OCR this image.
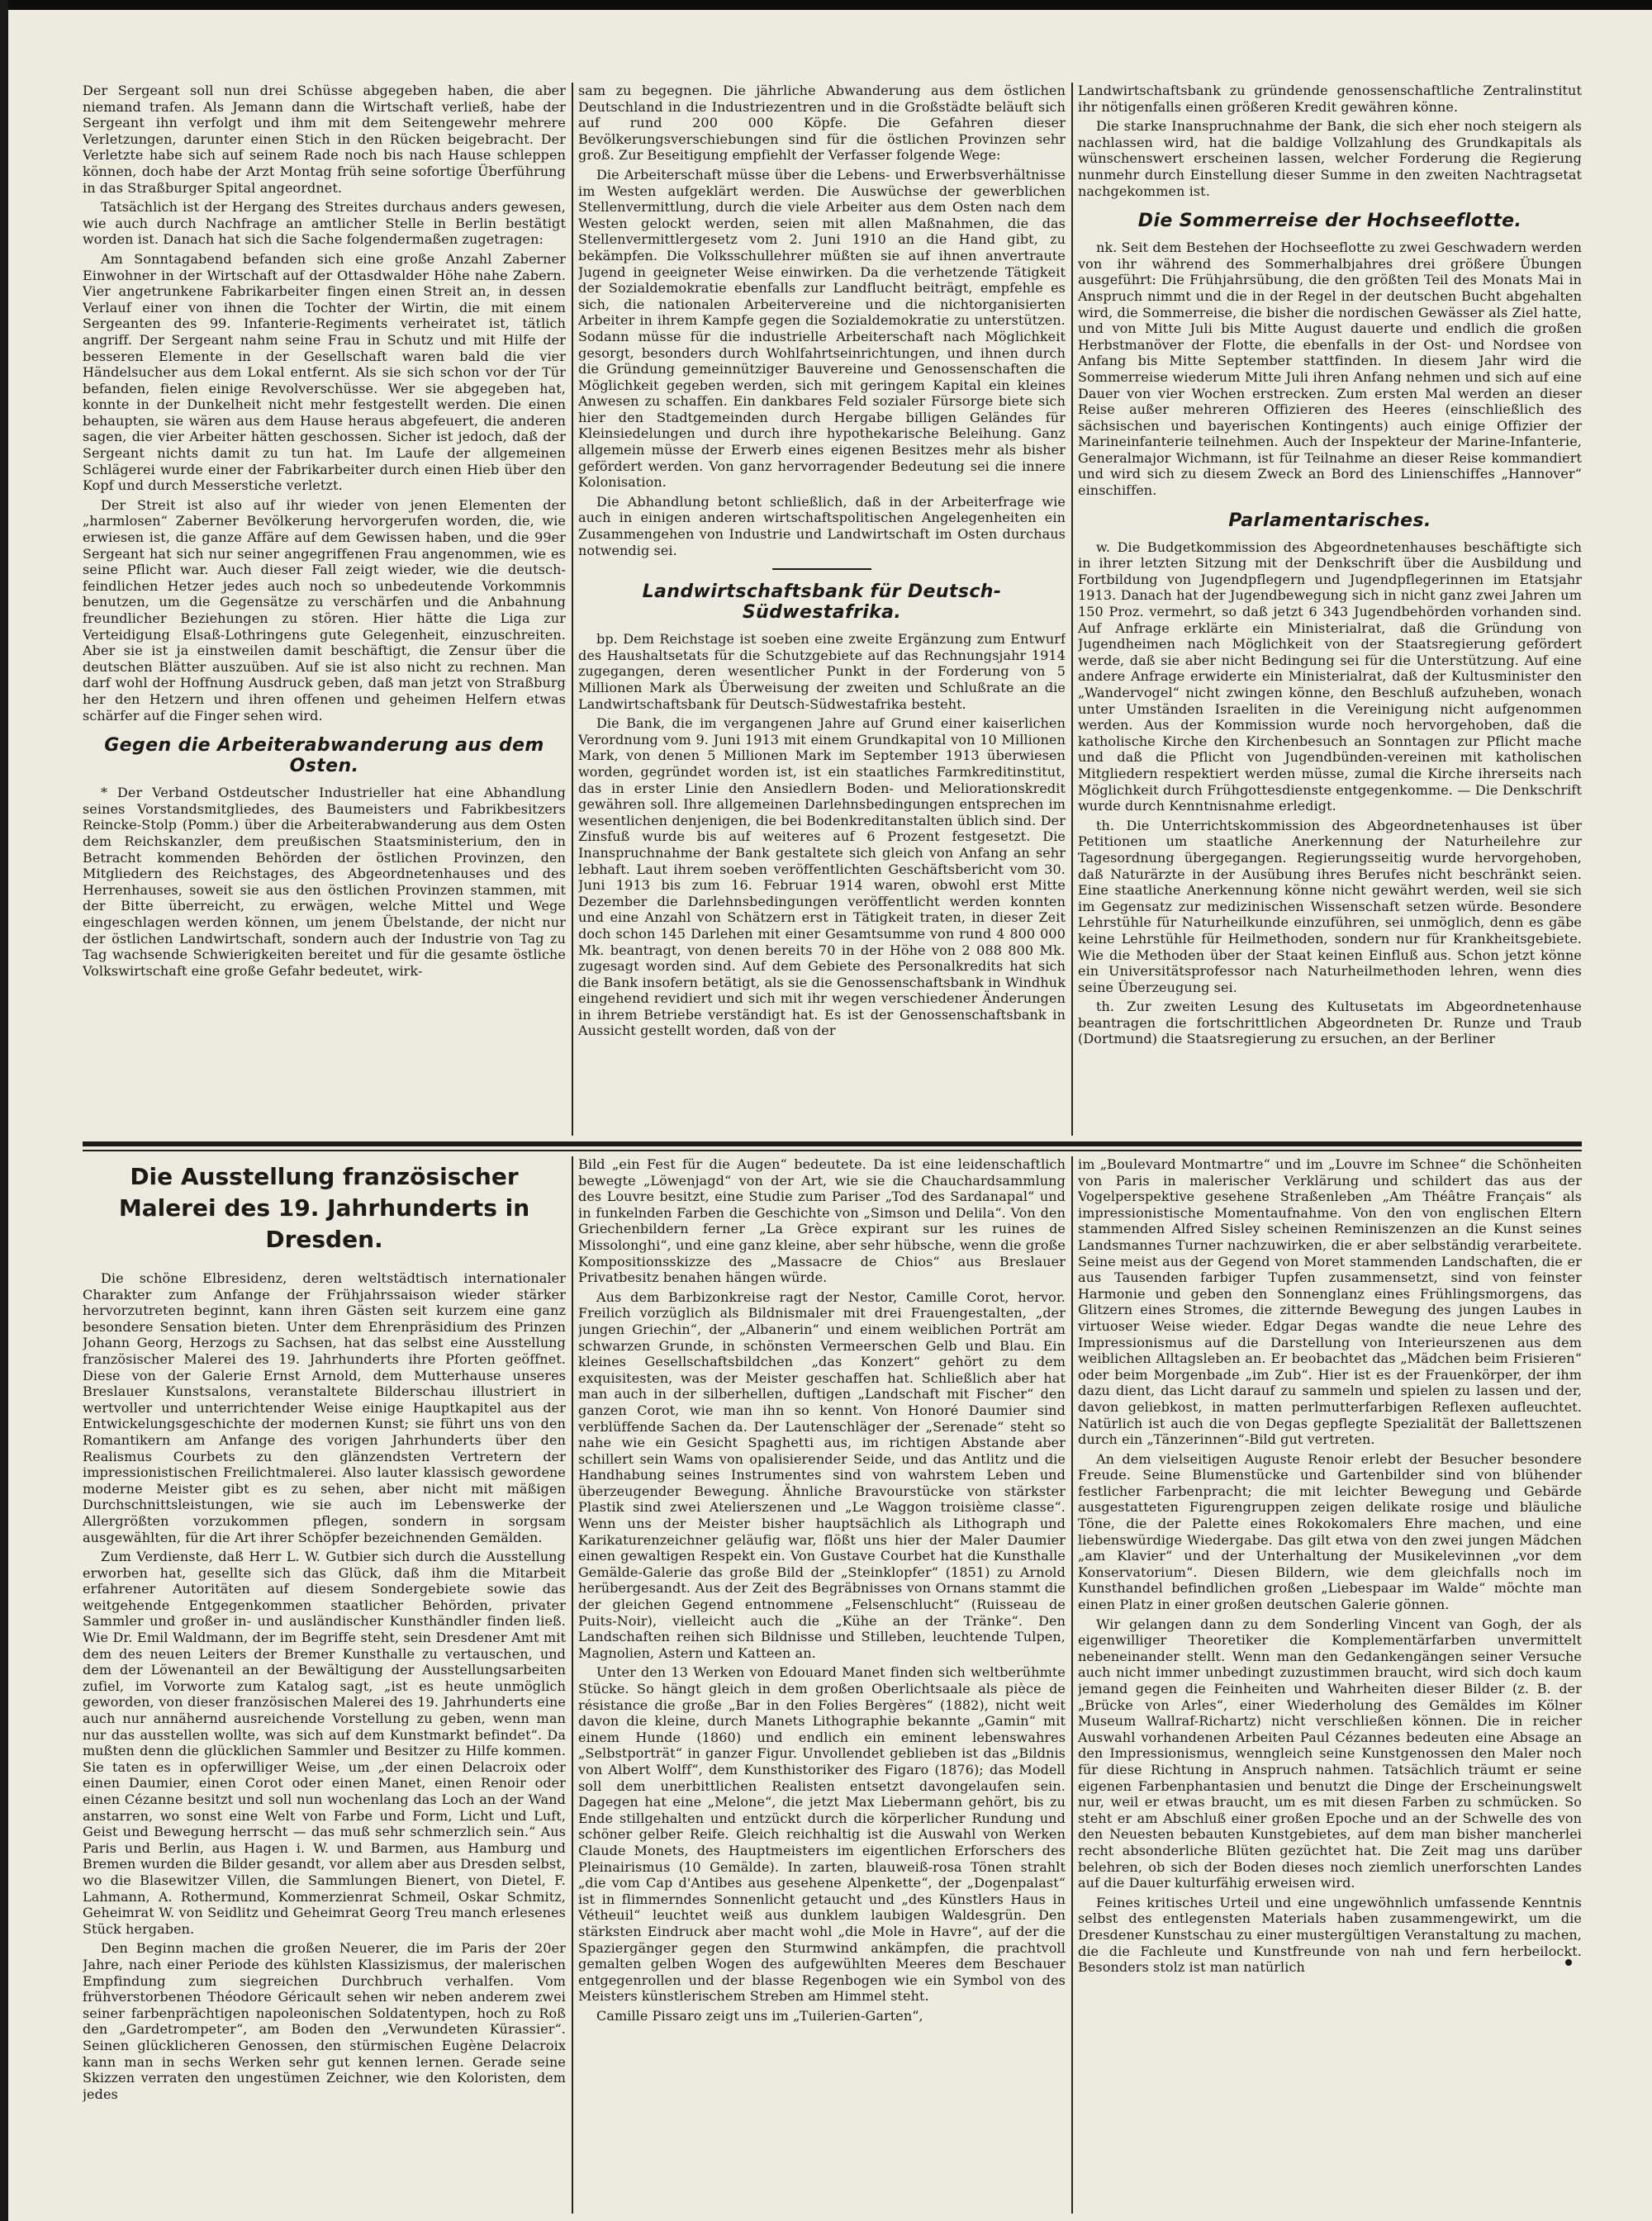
Der Sergeant soll nun drei Schüsse abgegeben haben, die aber niemand trafen. Als Jemann dann die Wirtschaft verließ, habe der Sergeant ihn verfolgt und ihm mit dem Seitengewehr mehrere Verletzungen, darunter einen Stich in den Rücken beigebracht. Der Verletzte habe sich auf seinem Rade noch bis nach Hause schleppen können, doch habe der Arzt Montag früh seine sofortige Überführung in das Straßburger Spital angeordnet.

Tatsächlich ist der Hergang des Streites durchaus anders gewesen, wie auch durch Nachfrage an amtlicher Stelle in Berlin bestätigt worden ist. Danach hat sich die Sache folgendermaßen zugetragen:

Am Sonntagabend befanden sich eine große Anzahl Zaberner Einwohner in der Wirtschaft auf der Ottasdwalder Höhe nahe Zabern. Vier angetrunkene Fabrikarbeiter fingen einen Streit an, in dessen Verlauf einer von ihnen die Tochter der Wirtin, die mit einem Sergeanten des 99. Infanterie-Regiments verheiratet ist, tätlich angriff. Der Sergeant nahm seine Frau in Schutz und mit Hilfe der besseren Elemente in der Gesellschaft waren bald die vier Händelsucher aus dem Lokal entfernt. Als sie sich schon vor der Tür befanden, fielen einige Revolverschüsse. Wer sie abgegeben hat, konnte in der Dunkelheit nicht mehr festgestellt werden. Die einen behaupten, sie wären aus dem Hause heraus abgefeuert, die anderen sagen, die vier Arbeiter hätten geschossen. Sicher ist jedoch, daß der Sergeant nichts damit zu tun hat. Im Laufe der allgemeinen Schlägerei wurde einer der Fabrikarbeiter durch einen Hieb über den Kopf und durch Messerstiche verletzt.

Der Streit ist also auf ihr wieder von jenen Elementen der „harmlosen“ Zaberner Bevölkerung hervorgerufen worden, die, wie erwiesen ist, die ganze Affäre auf dem Gewissen haben, und die 99er Sergeant hat sich nur seiner angegriffenen Frau angenommen, wie es seine Pflicht war. Auch dieser Fall zeigt wieder, wie die deutsch-feindlichen Hetzer jedes auch noch so unbedeutende Vorkommnis benutzen, um die Gegensätze zu verschärfen und die Anbahnung freundlicher Beziehungen zu stören. Hier hätte die Liga zur Verteidigung Elsaß-Lothringens gute Gelegenheit, einzuschreiten. Aber sie ist ja einstweilen damit beschäftigt, die Zensur über die deutschen Blätter auszuüben. Auf sie ist also nicht zu rechnen. Man darf wohl der Hoffnung Ausdruck geben, daß man jetzt von Straßburg her den Hetzern und ihren offenen und geheimen Helfern etwas schärfer auf die Finger sehen wird.

Gegen die Arbeiterabwanderung aus dem Osten.

* Der Verband Ostdeutscher Industrieller hat eine Abhandlung seines Vorstandsmitgliedes, des Baumeisters und Fabrikbesitzers Reincke-Stolp (Pomm.) über die Arbeiterabwanderung aus dem Osten dem Reichskanzler, dem preußischen Staatsministerium, den in Betracht kommenden Behörden der östlichen Provinzen, den Mitgliedern des Reichstages, des Abgeordnetenhauses und des Herrenhauses, soweit sie aus den östlichen Provinzen stammen, mit der Bitte überreicht, zu erwägen, welche Mittel und Wege eingeschlagen werden können, um jenem Übelstande, der nicht nur der östlichen Landwirtschaft, sondern auch der Industrie von Tag zu Tag wachsende Schwierigkeiten bereitet und für die gesamte östliche Volkswirtschaft eine große Gefahr bedeutet, wirk-

sam zu begegnen. Die jährliche Abwanderung aus dem östlichen Deutschland in die Industriezentren und in die Großstädte beläuft sich auf rund 200 000 Köpfe. Die Gefahren dieser Bevölkerungsverschiebungen sind für die östlichen Provinzen sehr groß. Zur Beseitigung empfiehlt der Verfasser folgende Wege:

Die Arbeiterschaft müsse über die Lebens- und Erwerbsverhältnisse im Westen aufgeklärt werden. Die Auswüchse der gewerblichen Stellenvermittlung, durch die viele Arbeiter aus dem Osten nach dem Westen gelockt werden, seien mit allen Maßnahmen, die das Stellenvermittlergesetz vom 2. Juni 1910 an die Hand gibt, zu bekämpfen. Die Volksschullehrer müßten sie auf ihnen anvertraute Jugend in geeigneter Weise einwirken. Da die verhetzende Tätigkeit der Sozialdemokratie ebenfalls zur Landflucht beiträgt, empfehle es sich, die nationalen Arbeitervereine und die nichtorganisierten Arbeiter in ihrem Kampfe gegen die Sozialdemokratie zu unterstützen. Sodann müsse für die industrielle Arbeiterschaft nach Möglichkeit gesorgt, besonders durch Wohlfahrtseinrichtungen, und ihnen durch die Gründung gemeinnütziger Bauvereine und Genossenschaften die Möglichkeit gegeben werden, sich mit geringem Kapital ein kleines Anwesen zu schaffen. Ein dankbares Feld sozialer Fürsorge biete sich hier den Stadtgemeinden durch Hergabe billigen Geländes für Kleinsiedelungen und durch ihre hypothekarische Beleihung. Ganz allgemein müsse der Erwerb eines eigenen Besitzes mehr als bisher gefördert werden. Von ganz hervorragender Bedeutung sei die innere Kolonisation.

Die Abhandlung betont schließlich, daß in der Arbeiterfrage wie auch in einigen anderen wirtschaftspolitischen Angelegenheiten ein Zusammengehen von Industrie und Landwirtschaft im Osten durchaus notwendig sei.

Landwirtschaftsbank für Deutsch-Südwestafrika.

bp. Dem Reichstage ist soeben eine zweite Ergänzung zum Entwurf des Haushaltsetats für die Schutzgebiete auf das Rechnungsjahr 1914 zugegangen, deren wesentlicher Punkt in der Forderung von 5 Millionen Mark als Überweisung der zweiten und Schlußrate an die Landwirtschaftsbank für Deutsch-Südwestafrika besteht.

Die Bank, die im vergangenen Jahre auf Grund einer kaiserlichen Verordnung vom 9. Juni 1913 mit einem Grundkapital von 10 Millionen Mark, von denen 5 Millionen Mark im September 1913 überwiesen worden, gegründet worden ist, ist ein staatliches Farmkreditinstitut, das in erster Linie den Ansiedlern Boden- und Meliorationskredit gewähren soll. Ihre allgemeinen Darlehnsbedingungen entsprechen im wesentlichen denjenigen, die bei Bodenkreditanstalten üblich sind. Der Zinsfuß wurde bis auf weiteres auf 6 Prozent festgesetzt. Die Inanspruchnahme der Bank gestaltete sich gleich von Anfang an sehr lebhaft. Laut ihrem soeben veröffentlichten Geschäftsbericht vom 30. Juni 1913 bis zum 16. Februar 1914 waren, obwohl erst Mitte Dezember die Darlehnsbedingungen veröffentlicht werden konnten und eine Anzahl von Schätzern erst in Tätigkeit traten, in dieser Zeit doch schon 145 Darlehen mit einer Gesamtsumme von rund 4 800 000 Mk. beantragt, von denen bereits 70 in der Höhe von 2 088 800 Mk. zugesagt worden sind. Auf dem Gebiete des Personalkredits hat sich die Bank insofern betätigt, als sie die Genossenschaftsbank in Windhuk eingehend revidiert und sich mit ihr wegen verschiedener Änderungen in ihrem Betriebe verständigt hat. Es ist der Genossenschaftsbank in Aussicht gestellt worden, daß von der

Landwirtschaftsbank zu gründende genossenschaftliche Zentralinstitut ihr nötigenfalls einen größeren Kredit gewähren könne.

Die starke Inanspruchnahme der Bank, die sich eher noch steigern als nachlassen wird, hat die baldige Vollzahlung des Grundkapitals als wünschenswert erscheinen lassen, welcher Forderung die Regierung nunmehr durch Einstellung dieser Summe in den zweiten Nachtragsetat nachgekommen ist.

Die Sommerreise der Hochseeflotte.

nk. Seit dem Bestehen der Hochseeflotte zu zwei Geschwadern werden von ihr während des Sommerhalbjahres drei größere Übungen ausgeführt: Die Frühjahrsübung, die den größten Teil des Monats Mai in Anspruch nimmt und die in der Regel in der deutschen Bucht abgehalten wird, die Sommerreise, die bisher die nordischen Gewässer als Ziel hatte, und von Mitte Juli bis Mitte August dauerte und endlich die großen Herbstmanöver der Flotte, die ebenfalls in der Ost- und Nordsee von Anfang bis Mitte September stattfinden. In diesem Jahr wird die Sommerreise wiederum Mitte Juli ihren Anfang nehmen und sich auf eine Dauer von vier Wochen erstrecken. Zum ersten Mal werden an dieser Reise außer mehreren Offizieren des Heeres (einschließlich des sächsischen und bayerischen Kontingents) auch einige Offizier der Marineinfanterie teilnehmen. Auch der Inspekteur der Marine-Infanterie, Generalmajor Wichmann, ist für Teilnahme an dieser Reise kommandiert und wird sich zu diesem Zweck an Bord des Linienschiffes „Hannover“ einschiffen.

Parlamentarisches.

w. Die Budgetkommission des Abgeordnetenhauses beschäftigte sich in ihrer letzten Sitzung mit der Denkschrift über die Ausbildung und Fortbildung von Jugendpflegern und Jugendpflegerinnen im Etatsjahr 1913. Danach hat der Jugendbewegung sich in nicht ganz zwei Jahren um 150 Proz. vermehrt, so daß jetzt 6 343 Jugendbehörden vorhanden sind. Auf Anfrage erklärte ein Ministerialrat, daß die Gründung von Jugendheimen nach Möglichkeit von der Staatsregierung gefördert werde, daß sie aber nicht Bedingung sei für die Unterstützung. Auf eine andere Anfrage erwiderte ein Ministerialrat, daß der Kultusminister den „Wandervogel“ nicht zwingen könne, den Beschluß aufzuheben, wonach unter Umständen Israeliten in die Vereinigung nicht aufgenommen werden. Aus der Kommission wurde noch hervorgehoben, daß die katholische Kirche den Kirchenbesuch an Sonntagen zur Pflicht mache und daß die Pflicht von Jugendbünden-vereinen mit katholischen Mitgliedern respektiert werden müsse, zumal die Kirche ihrerseits nach Möglichkeit durch Frühgottesdienste entgegenkomme. — Die Denkschrift wurde durch Kenntnisnahme erledigt.

th. Die Unterrichtskommission des Abgeordnetenhauses ist über Petitionen um staatliche Anerkennung der Naturheilehre zur Tagesordnung übergegangen. Regierungsseitig wurde hervorgehoben, daß Naturärzte in der Ausübung ihres Berufes nicht beschränkt seien. Eine staatliche Anerkennung könne nicht gewährt werden, weil sie sich im Gegensatz zur medizinischen Wissenschaft setzen würde. Besondere Lehrstühle für Naturheilkunde einzuführen, sei unmöglich, denn es gäbe keine Lehrstühle für Heilmethoden, sondern nur für Krankheitsgebiete. Wie die Methoden über der Staat keinen Einfluß aus. Schon jetzt könne ein Universitätsprofessor nach Naturheilmethoden lehren, wenn dies seine Überzeugung sei.

th. Zur zweiten Lesung des Kultusetats im Abgeordnetenhause beantragen die fortschrittlichen Abgeordneten Dr. Runze und Traub (Dortmund) die Staatsregierung zu ersuchen, an der Berliner

Die Ausstellung französischer Malerei des 19. Jahrhunderts in Dresden.

Die schöne Elbresidenz, deren weltstädtisch internationaler Charakter zum Anfange der Frühjahrssaison wieder stärker hervorzutreten beginnt, kann ihren Gästen seit kurzem eine ganz besondere Sensation bieten. Unter dem Ehrenpräsidium des Prinzen Johann Georg, Herzogs zu Sachsen, hat das selbst eine Ausstellung französischer Malerei des 19. Jahrhunderts ihre Pforten geöffnet. Diese von der Galerie Ernst Arnold, dem Mutterhause unseres Breslauer Kunstsalons, veranstaltete Bilderschau illustriert in wertvoller und unterrichtender Weise einige Hauptkapitel aus der Entwickelungsgeschichte der modernen Kunst; sie führt uns von den Romantikern am Anfange des vorigen Jahrhunderts über den Realismus Courbets zu den glänzendsten Vertretern der impressionistischen Freilichtmalerei. Also lauter klassisch gewordene moderne Meister gibt es zu sehen, aber nicht mit mäßigen Durchschnittsleistungen, wie sie auch im Lebenswerke der Allergrößten vorzukommen pflegen, sondern in sorgsam ausgewählten, für die Art ihrer Schöpfer bezeichnenden Gemälden.

Zum Verdienste, daß Herr L. W. Gutbier sich durch die Ausstellung erworben hat, gesellte sich das Glück, daß ihm die Mitarbeit erfahrener Autoritäten auf diesem Sondergebiete sowie das weitgehende Entgegenkommen staatlicher Behörden, privater Sammler und großer in- und ausländischer Kunsthändler finden ließ. Wie Dr. Emil Waldmann, der im Begriffe steht, sein Dresdener Amt mit dem des neuen Leiters der Bremer Kunsthalle zu vertauschen, und dem der Löwenanteil an der Bewältigung der Ausstellungsarbeiten zufiel, im Vorworte zum Katalog sagt, „ist es heute unmöglich geworden, von dieser französischen Malerei des 19. Jahrhunderts eine auch nur annähernd ausreichende Vorstellung zu geben, wenn man nur das ausstellen wollte, was sich auf dem Kunstmarkt befindet“. Da mußten denn die glücklichen Sammler und Besitzer zu Hilfe kommen. Sie taten es in opferwilliger Weise, um „der einen Delacroix oder einen Daumier, einen Corot oder einen Manet, einen Renoir oder einen Cézanne besitzt und soll nun wochenlang das Loch an der Wand anstarren, wo sonst eine Welt von Farbe und Form, Licht und Luft, Geist und Bewegung herrscht — das muß sehr schmerzlich sein.“ Aus Paris und Berlin, aus Hagen i. W. und Barmen, aus Hamburg und Bremen wurden die Bilder gesandt, vor allem aber aus Dresden selbst, wo die Blasewitzer Villen, die Sammlungen Bienert, von Dietel, F. Lahmann, A. Rothermund, Kommerzienrat Schmeil, Oskar Schmitz, Geheimrat W. von Seidlitz und Geheimrat Georg Treu manch erlesenes Stück hergaben.

Den Beginn machen die großen Neuerer, die im Paris der 20er Jahre, nach einer Periode des kühlsten Klassizismus, der malerischen Empfindung zum siegreichen Durchbruch verhalfen. Vom frühverstorbenen Théodore Géricault sehen wir neben anderem zwei seiner farbenprächtigen napoleonischen Soldatentypen, hoch zu Roß den „Gardetrompeter“, am Boden den „Verwundeten Kürassier“. Seinen glücklicheren Genossen, den stürmischen Eugène Delacroix kann man in sechs Werken sehr gut kennen lernen. Gerade seine Skizzen verraten den ungestümen Zeichner, wie den Koloristen, dem jedes

Bild „ein Fest für die Augen“ bedeutete. Da ist eine leidenschaftlich bewegte „Löwenjagd“ von der Art, wie sie die Chauchardsammlung des Louvre besitzt, eine Studie zum Pariser „Tod des Sardanapal“ und in funkelnden Farben die Geschichte von „Simson und Delila“. Von den Griechenbildern ferner „La Grèce expirant sur les ruines de Missolonghi“, und eine ganz kleine, aber sehr hübsche, wenn die große Kompositionsskizze des „Massacre de Chios“ aus Breslauer Privatbesitz benahen hängen würde.

Aus dem Barbizonkreise ragt der Nestor, Camille Corot, hervor. Freilich vorzüglich als Bildnismaler mit drei Frauengestalten, „der jungen Griechin“, der „Albanerin“ und einem weiblichen Porträt am schwarzen Grunde, in schönsten Vermeerschen Gelb und Blau. Ein kleines Gesellschaftsbildchen „das Konzert“ gehört zu dem exquisitesten, was der Meister geschaffen hat. Schließlich aber hat man auch in der silberhellen, duftigen „Landschaft mit Fischer“ den ganzen Corot, wie man ihn so kennt. Von Honoré Daumier sind verblüffende Sachen da. Der Lautenschläger der „Serenade“ steht so nahe wie ein Gesicht Spaghetti aus, im richtigen Abstande aber schillert sein Wams von opalisierender Seide, und das Antlitz und die Handhabung seines Instrumentes sind von wahrstem Leben und überzeugender Bewegung. Ähnliche Bravourstücke von stärkster Plastik sind zwei Atelierszenen und „Le Waggon troisième classe“. Wenn uns der Meister bisher hauptsächlich als Lithograph und Karikaturenzeichner geläufig war, flößt uns hier der Maler Daumier einen gewaltigen Respekt ein. Von Gustave Courbet hat die Kunsthalle Gemälde-Galerie das große Bild der „Steinklopfer“ (1851) zu Arnold herübergesandt. Aus der Zeit des Begräbnisses von Ornans stammt die der gleichen Gegend entnommene „Felsenschlucht“ (Ruisseau de Puits-Noir), vielleicht auch die „Kühe an der Tränke“. Den Landschaften reihen sich Bildnisse und Stilleben, leuchtende Tulpen, Magnolien, Astern und Katteen an.

Unter den 13 Werken von Edouard Manet finden sich weltberühmte Stücke. So hängt gleich in dem großen Oberlichtsaale als pièce de résistance die große „Bar in den Folies Bergères“ (1882), nicht weit davon die kleine, durch Manets Lithographie bekannte „Gamin“ mit einem Hunde (1860) und endlich ein eminent lebenswahres „Selbstporträt“ in ganzer Figur. Unvollendet geblieben ist das „Bildnis von Albert Wolff“, dem Kunsthistoriker des Figaro (1876); das Modell soll dem unerbittlichen Realisten entsetzt davongelaufen sein. Dagegen hat eine „Melone“, die jetzt Max Liebermann gehört, bis zu Ende stillgehalten und entzückt durch die körperlicher Rundung und schöner gelber Reife. Gleich reichhaltig ist die Auswahl von Werken Claude Monets, des Hauptmeisters im eigentlichen Erforschers des Pleinairismus (10 Gemälde). In zarten, blauweiß-rosa Tönen strahlt „die vom Cap d'Antibes aus gesehene Alpenkette“, der „Dogenpalast“ ist in flimmerndes Sonnenlicht getaucht und „des Künstlers Haus in Vétheuil“ leuchtet weiß aus dunklem laubigen Waldesgrün. Den stärksten Eindruck aber macht wohl „die Mole in Havre“, auf der die Spaziergänger gegen den Sturmwind ankämpfen, die prachtvoll gemalten gelben Wogen des aufgewühlten Meeres dem Beschauer entgegenrollen und der blasse Regenbogen wie ein Symbol von des Meisters künstlerischem Streben am Himmel steht.

Camille Pissaro zeigt uns im „Tuilerien-Garten“,

im „Boulevard Montmartre“ und im „Louvre im Schnee“ die Schönheiten von Paris in malerischer Verklärung und schildert das aus der Vogelperspektive gesehene Straßenleben „Am Théâtre Français“ als impressionistische Momentaufnahme. Von den von englischen Eltern stammenden Alfred Sisley scheinen Reminiszenzen an die Kunst seines Landsmannes Turner nachzuwirken, die er aber selbständig verarbeitete. Seine meist aus der Gegend von Moret stammenden Landschaften, die er aus Tausenden farbiger Tupfen zusammensetzt, sind von feinster Harmonie und geben den Sonnenglanz eines Frühlingsmorgens, das Glitzern eines Stromes, die zitternde Bewegung des jungen Laubes in virtuoser Weise wieder. Edgar Degas wandte die neue Lehre des Impressionismus auf die Darstellung von Interieurszenen aus dem weiblichen Alltagsleben an. Er beobachtet das „Mädchen beim Frisieren“ oder beim Morgenbade „im Zub“. Hier ist es der Frauenkörper, der ihm dazu dient, das Licht darauf zu sammeln und spielen zu lassen und der, davon geliebkost, in matten perlmutterfarbigen Reflexen aufleuchtet. Natürlich ist auch die von Degas gepflegte Spezialität der Ballettszenen durch ein „Tänzerinnen“-Bild gut vertreten.

An dem vielseitigen Auguste Renoir erlebt der Besucher besondere Freude. Seine Blumenstücke und Gartenbilder sind von blühender festlicher Farbenpracht; die mit leichter Bewegung und Gebärde ausgestatteten Figurengruppen zeigen delikate rosige und bläuliche Töne, die der Palette eines Rokokomalers Ehre machen, und eine liebenswürdige Wiedergabe. Das gilt etwa von den zwei jungen Mädchen „am Klavier“ und der Unterhaltung der Musikelevinnen „vor dem Konservatorium“. Diesen Bildern, wie dem gleichfalls noch im Kunsthandel befindlichen großen „Liebespaar im Walde“ möchte man einen Platz in einer großen deutschen Galerie gönnen.

Wir gelangen dann zu dem Sonderling Vincent van Gogh, der als eigenwilliger Theoretiker die Komplementärfarben unvermittelt nebeneinander stellt. Wenn man den Gedankengängen seiner Versuche auch nicht immer unbedingt zuzustimmen braucht, wird sich doch kaum jemand gegen die Feinheiten und Wahrheiten dieser Bilder (z. B. der „Brücke von Arles“, einer Wiederholung des Gemäldes im Kölner Museum Wallraf-Richartz) nicht verschließen können. Die in reicher Auswahl vorhandenen Arbeiten Paul Cézannes bedeuten eine Absage an den Impressionismus, wenngleich seine Kunstgenossen den Maler noch für diese Richtung in Anspruch nahmen. Tatsächlich träumt er seine eigenen Farbenphantasien und benutzt die Dinge der Erscheinungswelt nur, weil er etwas braucht, um es mit diesen Farben zu schmücken. So steht er am Abschluß einer großen Epoche und an der Schwelle des von den Neuesten bebauten Kunstgebietes, auf dem man bisher mancherlei recht absonderliche Blüten gezüchtet hat. Die Zeit mag uns darüber belehren, ob sich der Boden dieses noch ziemlich unerforschten Landes auf die Dauer kulturfähig erweisen wird.

Feines kritisches Urteil und eine ungewöhnlich umfassende Kenntnis selbst des entlegensten Materials haben zusammengewirkt, um die Dresdener Kunstschau zu einer mustergültigen Veranstaltung zu machen, die die Fachleute und Kunstfreunde von nah und fern herbeilockt. Besonders stolz ist man natürlich
